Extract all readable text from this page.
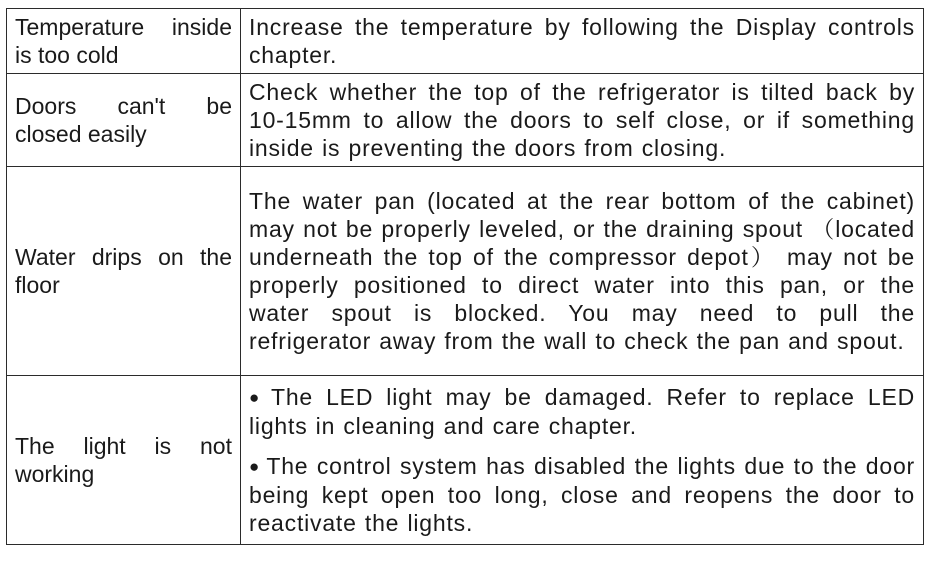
Temperature inside is too cold	Increase the temperature by following the Display controls chapter.

Doors can't be closed easily	Check whether the top of the refrigerator is tilted back by 10-15mm to allow the doors to self close, or if something inside is preventing the doors from closing.

Water drips on the floor	The water pan (located at the rear bottom of the cabinet) may not be properly leveled, or the draining spout （located underneath the top of the compressor depot） may not be properly positioned to direct water into this pan, or the water spout is blocked. You may need to pull the refrigerator away from the wall to check the pan and spout.

The light is not working	● The LED light may be damaged. Refer to replace LED lights in cleaning and care chapter.
● The control system has disabled the lights due to the door being kept open too long, close and reopens the door to reactivate the lights.
